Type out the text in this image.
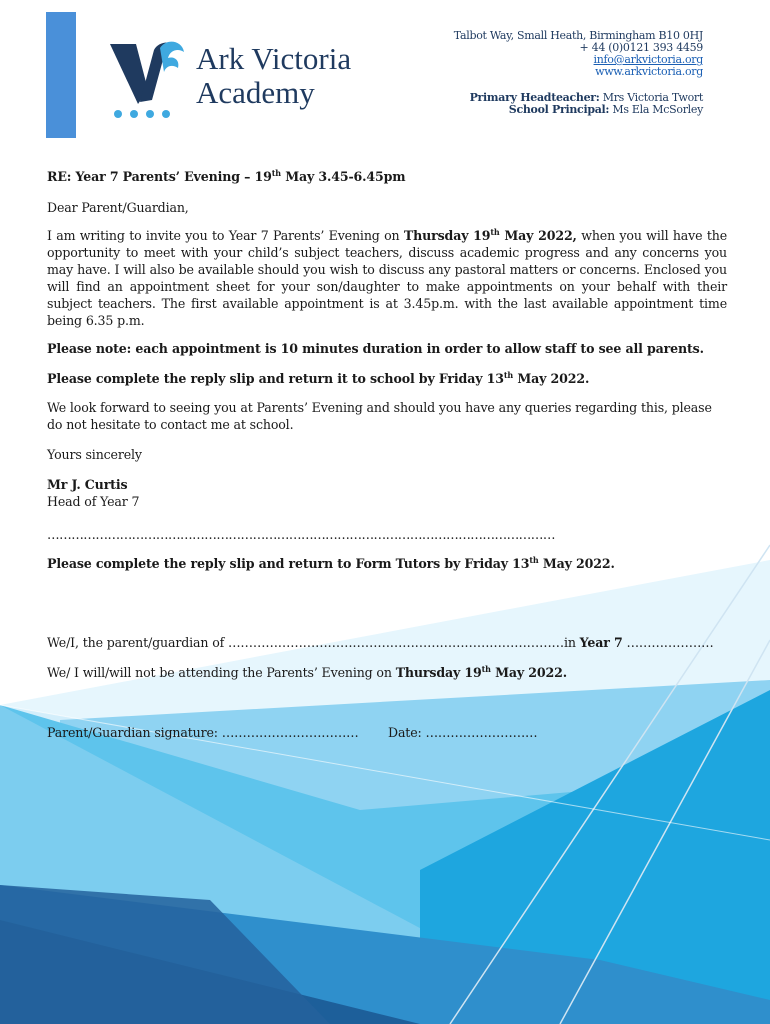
Ark Victoria
Academy
Talbot Way, Small Heath, Birmingham B10 0HJ
+ 44 (0)0121 393 4459
info@arkvictoria.org
www.arkvictoria.org
Primary Headteacher: Mrs Victoria Twort
School Principal: Ms Ela McSorley

RE: Year 7 Parents’ Evening – 19th May 3.45-6.45pm

Dear Parent/Guardian,

I am writing to invite you to Year 7 Parents’ Evening on Thursday 19th May 2022, when you will have the opportunity to meet with your child’s subject teachers, discuss academic progress and any concerns you may have. I will also be available should you wish to discuss any pastoral matters or concerns. Enclosed you will find an appointment sheet for your son/daughter to make appointments on your behalf with their subject teachers. The first available appointment is at 3.45p.m. with the last available appointment time being 6.35 p.m.

Please note: each appointment is 10 minutes duration in order to allow staff to see all parents.

Please complete the reply slip and return it to school by Friday 13th May 2022.

We look forward to seeing you at Parents’ Evening and should you have any queries regarding this, please do not hesitate to contact me at school.

Yours sincerely

Mr J. Curtis

Head of Year 7

………………………………………………………………………………………………………………

Please complete the reply slip and return to Form Tutors by Friday 13th May 2022.

We/I, the parent/guardian of ………………………………………………………………………in Year 7 …………………
We/ I will/will not be attending the Parents’ Evening on Thursday 19th May 2022.
Parent/Guardian signature: …………………………… Date: ………………………
